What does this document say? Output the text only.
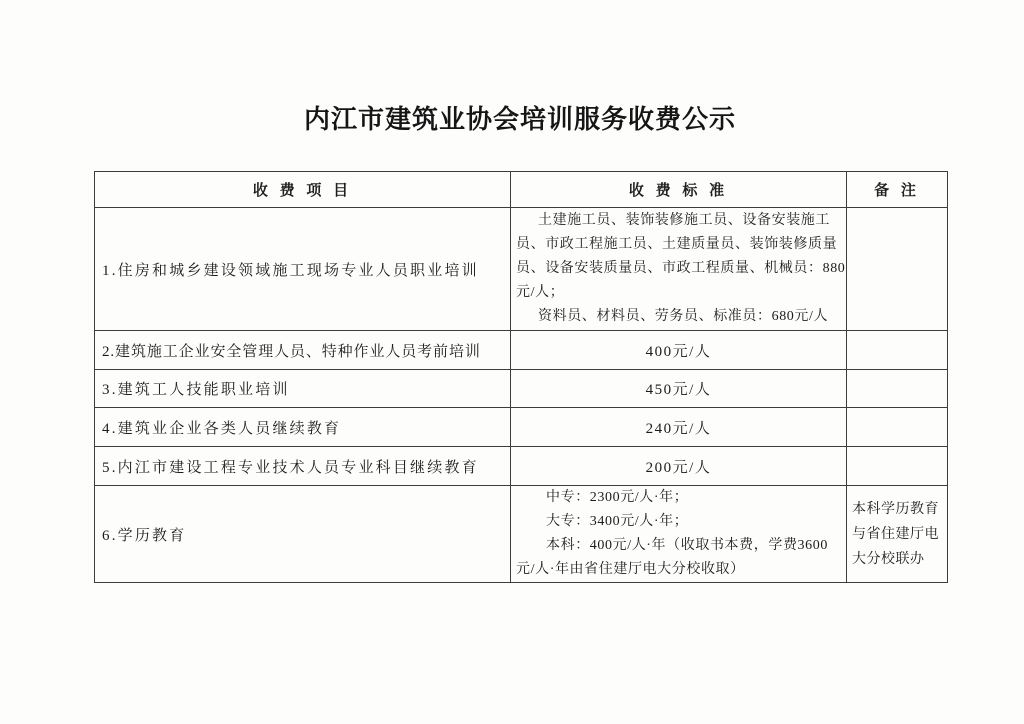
内江市建筑业协会培训服务收费公示
收 费 项 目	收 费 标 准	备 注
1.住房和城乡建设领域施工现场专业人员职业培训	土建施工员、装饰装修施工员、设备安装施工
员、市政工程施工员、土建质量员、装饰装修质量
员、设备安装质量员、市政工程质量、机械员：880
元/人；
资料员、材料员、劳务员、标准员：680元/人	

2.建筑施工企业安全管理人员、特种作业人员考前培训	400元/人	
3.建筑工人技能职业培训	450元/人	
4.建筑业企业各类人员继续教育	240元/人	
5.内江市建设工程专业技术人员专业科目继续教育	200元/人	
6.学历教育	中专：2300元/人·年；
大专：3400元/人·年；
本科：400元/人·年（收取书本费，学费3600
元/人·年由省住建厅电大分校收取）	本科学历教育
与省住建厅电
大分校联办
